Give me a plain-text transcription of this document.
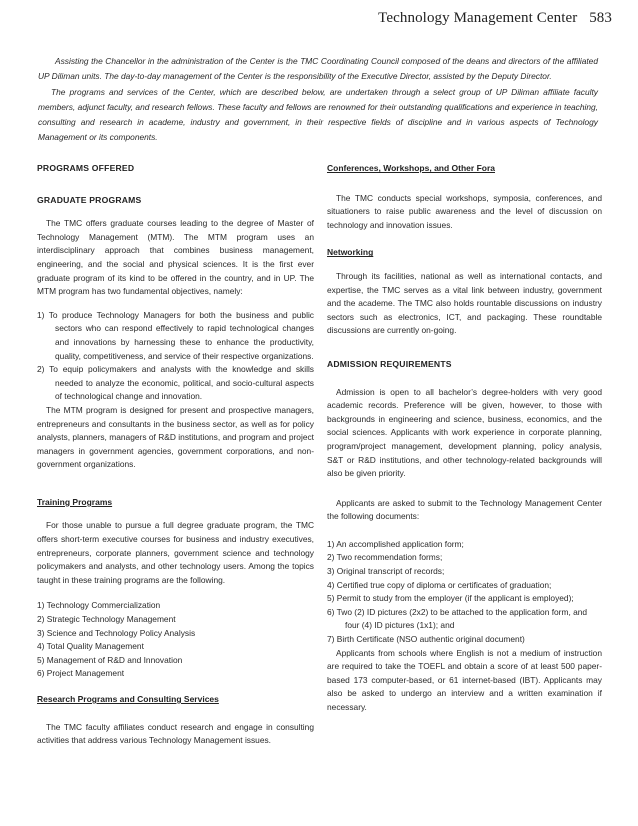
Technology Management Center 583

Assisting the Chancellor in the administration of the Center is the TMC Coordinating Council composed of the deans and directors of the affiliated UP Diliman units. The day-to-day management of the Center is the responsibility of the Executive Director, assisted by the Deputy Director.

The programs and services of the Center, which are described below, are undertaken through a select group of UP Diliman affiliate faculty members, adjunct faculty, and research fellows. These faculty and fellows are renowned for their outstanding qualifications and experience in teaching, consulting and research in academe, industry and government, in their respective fields of discipline and in various aspects of Technology Management or its components.

PROGRAMS OFFERED
GRADUATE PROGRAMS

The TMC offers graduate courses leading to the degree of Master of Technology Management (MTM). The MTM program uses an interdisciplinary approach that combines business management, engineering, and the social and physical sciences. It is the first ever graduate program of its kind to be offered in the country, and in UP. The MTM program has two fundamental objectives, namely:

1) To produce Technology Managers for both the business and public sectors who can respond effectively to rapid technological changes and innovations by harnessing these to enhance the productivity, quality, competitiveness, and service of their respective organizations.
2) To equip policymakers and analysts with the knowledge and skills needed to analyze the economic, political, and socio-cultural aspects of technological change and innovation.

The MTM program is designed for present and prospective managers, entrepreneurs and consultants in the business sector, as well as for policy analysts, planners, managers of R&D institutions, and program and project managers in government agencies, government corporations, and non-government organizations.

Training Programs

For those unable to pursue a full degree graduate program, the TMC offers short-term executive courses for business and industry executives, entrepreneurs, corporate planners, government science and technology policymakers and analysts, and other technology users. Among the topics taught in these training programs are the following.

1) Technology Commercialization
2) Strategic Technology Management
3) Science and Technology Policy Analysis
4) Total Quality Management
5) Management of R&D and Innovation
6) Project Management
Research Programs and Consulting Services

The TMC faculty affiliates conduct research and engage in consulting activities that address various Technology Management issues.

Conferences, Workshops, and Other Fora

The TMC conducts special workshops, symposia, conferences, and situationers to raise public awareness and the level of discussion on technology and innovation issues.

Networking

Through its facilities, national as well as international contacts, and expertise, the TMC serves as a vital link between industry, government and the academe. The TMC also holds rountable discussions on industry sectors such as electronics, ICT, and packaging. These roundtable discussions are currently on-going.

ADMISSION REQUIREMENTS

Admission is open to all bachelor’s degree-holders with very good academic records. Preference will be given, however, to those with backgrounds in engineering and science, business, economics, and the social sciences. Applicants with work experience in corporate planning, program/project management, development planning, policy analysis, S&T or R&D institutions, and other technology-related backgrounds will also be given priority.

Applicants are asked to submit to the Technology Management Center the following documents:

1) An accomplished application form;
2) Two recommendation forms;
3) Original transcript of records;
4) Certified true copy of diploma or certificates of graduation;
5) Permit to study from the employer (if the applicant is employed);
6) Two (2) ID pictures (2x2) to be attached to the application form, and
four (4) ID pictures (1x1); and
7) Birth Certificate (NSO authentic original document)

Applicants from schools where English is not a medium of instruction are required to take the TOEFL and obtain a score of at least 500 paper-based 173 computer-based, or 61 internet-based (IBT). Applicants may also be asked to undergo an interview and a written examination if necessary.
